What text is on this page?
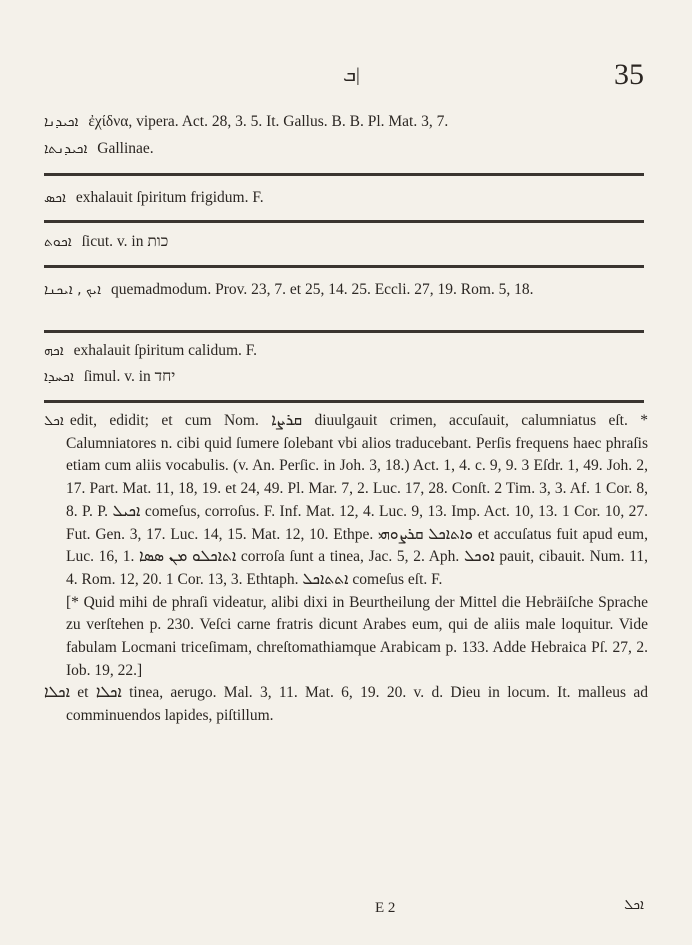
ܒ|	35
ܐܟܝܕܢܐ ἐχίδνα, vipera. Act. 28, 3. 5. It. Gallus. B. B. Pl. Mat. 3, 7.
ܐܟܝܕܢܬܐ Gallinae.
ܐܟܣ exhalauit ſpiritum frigidum. F.
ܐܟܘܬ ſicut. v. in כות
ܐܝܟ , ܐܝܟܢܐ quemadmodum. Prov. 23, 7. et 25, 14. 25. Eccli. 27, 19. Rom. 5, 18.
ܐܟܗ exhalauit ſpiritum calidum. F.
ܐܟܚܕܐ ſimul. v. in יחד

ܐܟܠ edit, edidit; et cum Nom. ܩܪܨܐ diuulgauit crimen, accuſauit, calumniatus eſt. * Calumniatores n. cibi quid ſumere ſolebant vbi alios traducebant. Perſis frequens haec phraſis etiam cum aliis vocabulis. (v. An. Perſic. in Joh. 3, 18.) Act. 1, 4. c. 9, 9. 3 Eſdr. 1, 49. Joh. 2, 17. Part. Mat. 11, 18, 19. et 24, 49. Pl. Mar. 7, 2. Luc. 17, 28. Conſt. 2 Tim. 3, 3. Af. 1 Cor. 8, 8. P. P. ܐܟܝܠ comeſus, corroſus. F. Inf. Mat. 12, 4. Luc. 9, 13. Imp. Act. 10, 13. 1 Cor. 10, 27. Fut. Gen. 3, 17. Luc. 14, 15. Mat. 12, 10. Ethpe. ܘܐܬܐܟܠ ܩܪܨܘܗܝ et accuſatus fuit apud eum, Luc. 16, 1. ܐܬܐܟܠܘ ܡܢ ܣܣܐ corroſa ſunt a tinea, Jac. 5, 2. Aph. ܐܘܟܠ pauit, cibauit. Num. 11, 4. Rom. 12, 20. 1 Cor. 13, 3. Ethtaph. ܐܬܬܐܟܠ comeſus eſt. F.

[* Quid mihi de phraſi videatur, alibi dixi in Beurtheilung der Mittel die Hebräiſche Sprache zu verſtehen p. 230. Veſci carne fratris dicunt Arabes eum, qui de aliis male loquitur. Vide fabulam Locmani triceſimam, chreſtomathiamque Arabicam p. 133. Adde Hebraica Pſ. 27, 2. Iob. 19, 22.]

ܐܟܠܐ et ܐܟܠܐ tinea, aerugo. Mal. 3, 11. Mat. 6, 19. 20. v. d. Dieu in locum. It. malleus ad comminuendos lapides, piſtillum.

E 2	ܐܟܠ
